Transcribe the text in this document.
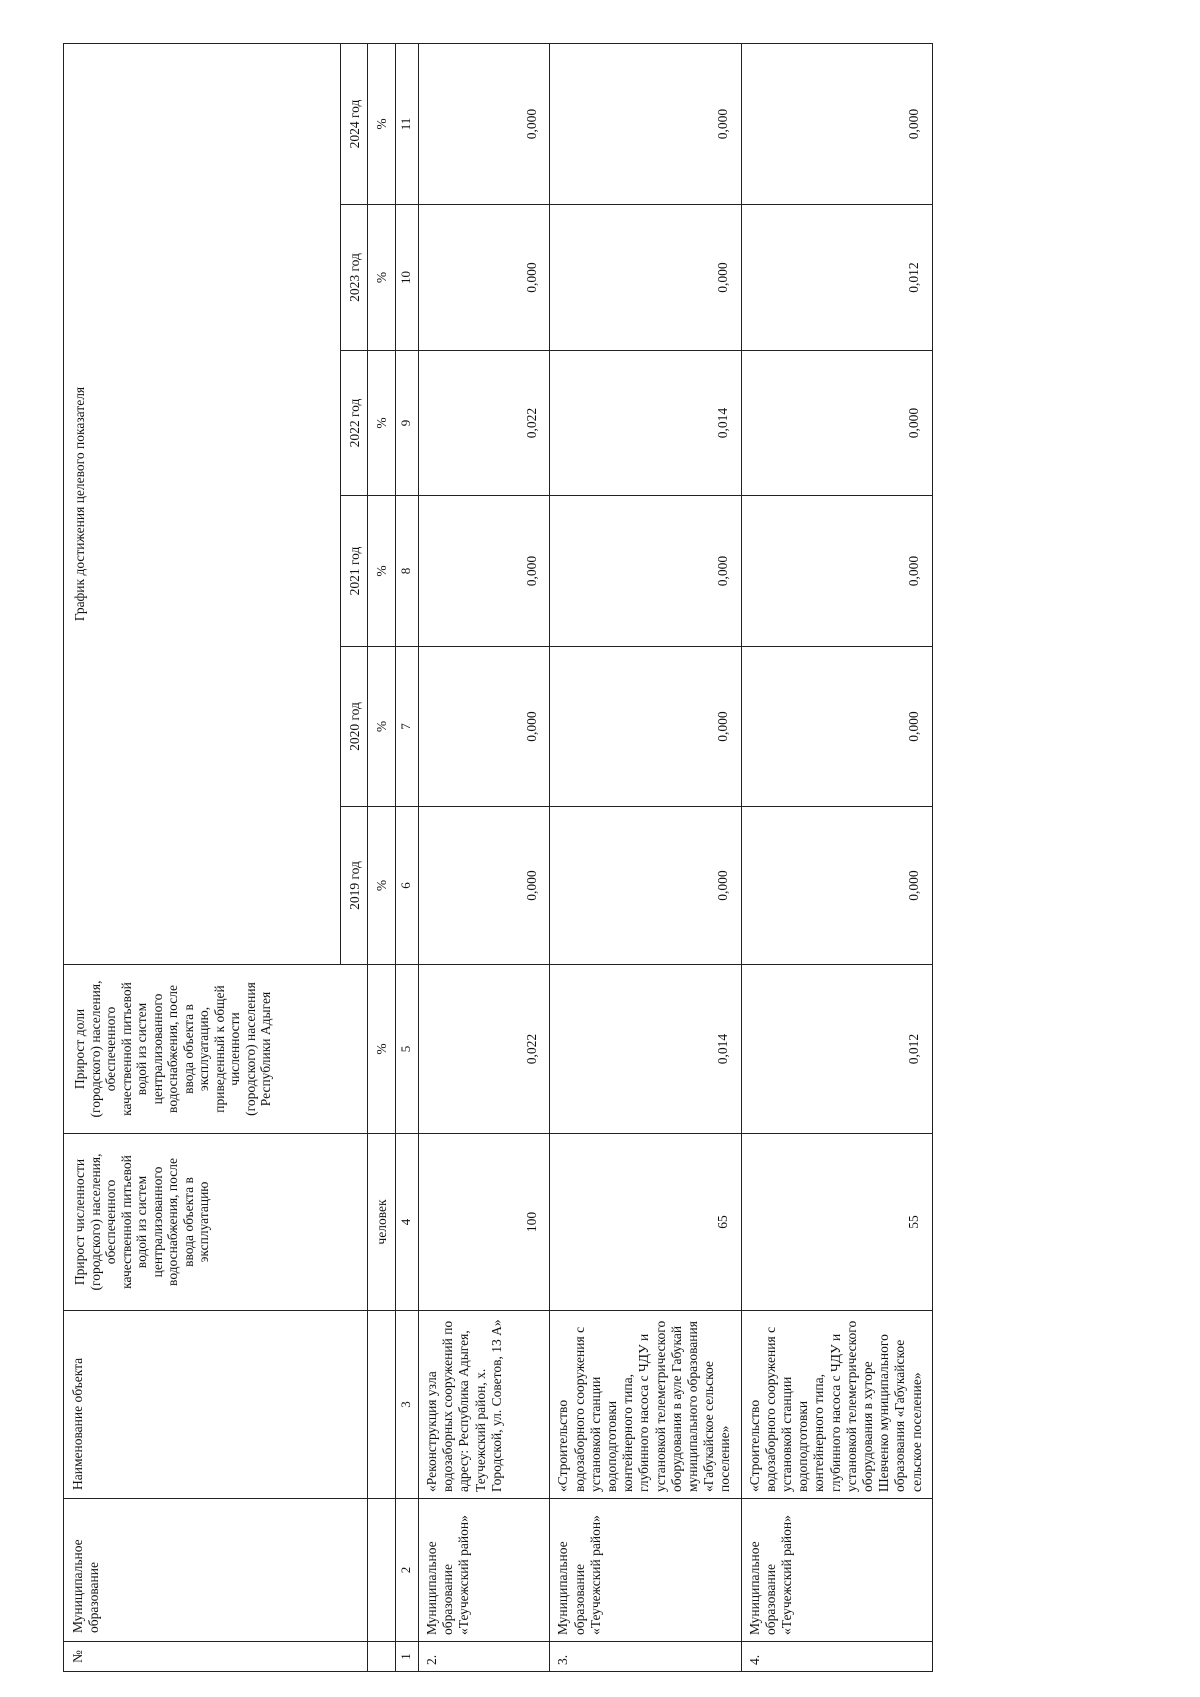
№	Муниципальное образование	Наименование объекта	Прирост численности (городского) населения, обеспеченного качественной питьевой водой из систем централизованного водоснабжения, после ввода объекта в эксплуатацию	Прирост доли (городского) населения, обеспеченного качественной питьевой водой из систем централизованного водоснабжения, после ввода объекта в эксплуатацию, приведенный к общей численности (городского) населения Республики Адыгея	График достижения целевого показателя					
					2019 год	2020 год	2021 год	2022 год	2023 год	2024 год
			человек	%	%	%	%	%	%	%
1	2	3	4	5	6	7	8	9	10	11
2.	Муниципальное образование «Теучежский район»	«Реконструкция узла водозаборных сооружений по адресу: Республика Адыгея, Теучежский район, х. Городской, ул. Советов, 13 А»	100	0,022	0,000	0,000	0,000	0,022	0,000	0,000
3.	Муниципальное образование «Теучежский район»	«Строительство водозаборного сооружения с установкой станции водоподготовки контейнерного типа, глубинного насоса с ЧДУ и установкой телеметрического оборудования в ауле Габукай муниципального образования «Габукайское сельское поселение»	65	0,014	0,000	0,000	0,000	0,014	0,000	0,000
4.	Муниципальное образование «Теучежский район»	«Строительство водозаборного сооружения с установкой станции водоподготовки контейнерного типа, глубинного насоса с ЧДУ и установкой телеметрического оборудования в хуторе Шевченко муниципального образования «Габукайское сельское поселение»	55	0,012	0,000	0,000	0,000	0,000	0,012	0,000
